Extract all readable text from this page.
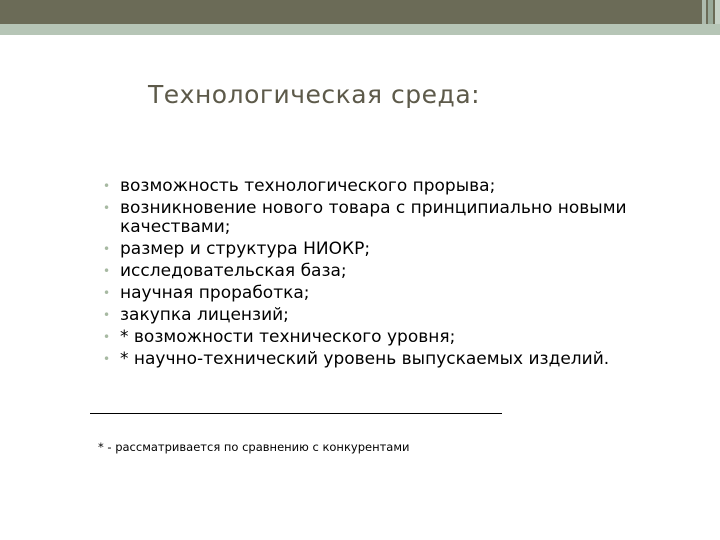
Технологическая среда:
• возможность технологического прорыва;
• возникновение нового товара с принципиально новыми качествами;
• размер и структура НИОКР;
• исследовательская база;
• научная проработка;
• закупка лицензий;
• * возможности технического уровня;
• * научно-технический уровень выпускаемых изделий.
* - рассматривается по сравнению с конкурентами
